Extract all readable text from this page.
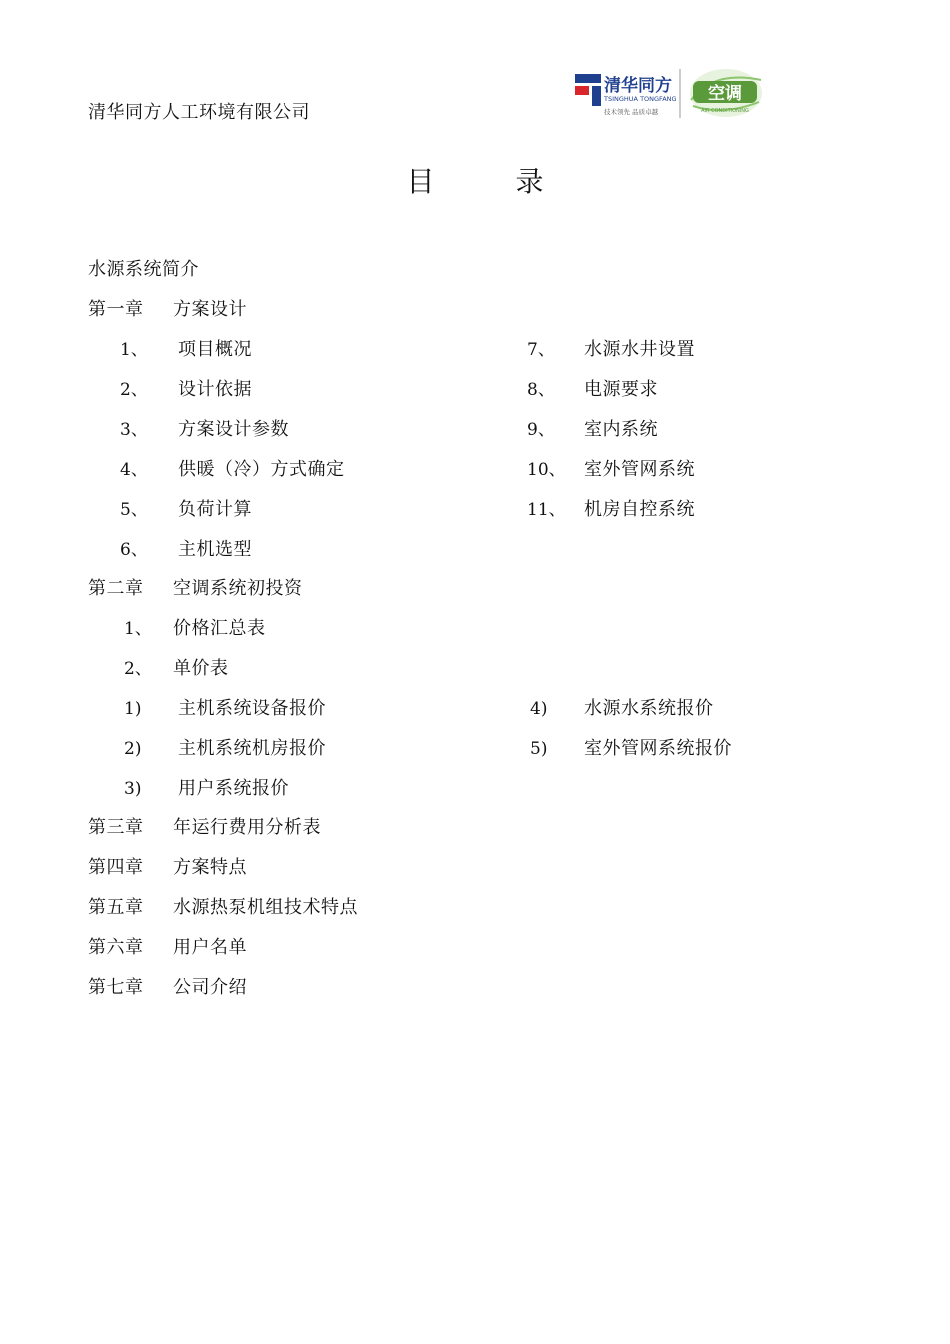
清华同方人工环境有限公司
清华同方
TSINGHUA TONGFANG
技术领先 品质卓越
空调
AIR CONDITIONING
目 录
水源系统简介
第一章 方案设计
1、 项目概况
2、 设计依据
3、 方案设计参数
4、 供暖（冷）方式确定
5、 负荷计算
6、 主机选型
7、 水源水井设置
8、 电源要求
9、 室内系统
10、 室外管网系统
11、 机房自控系统
第二章 空调系统初投资
1、 价格汇总表
2、 单价表
1) 主机系统设备报价
2) 主机系统机房报价
3) 用户系统报价
4) 水源水系统报价
5) 室外管网系统报价
第三章 年运行费用分析表
第四章 方案特点
第五章 水源热泵机组技术特点
第六章 用户名单
第七章 公司介绍
